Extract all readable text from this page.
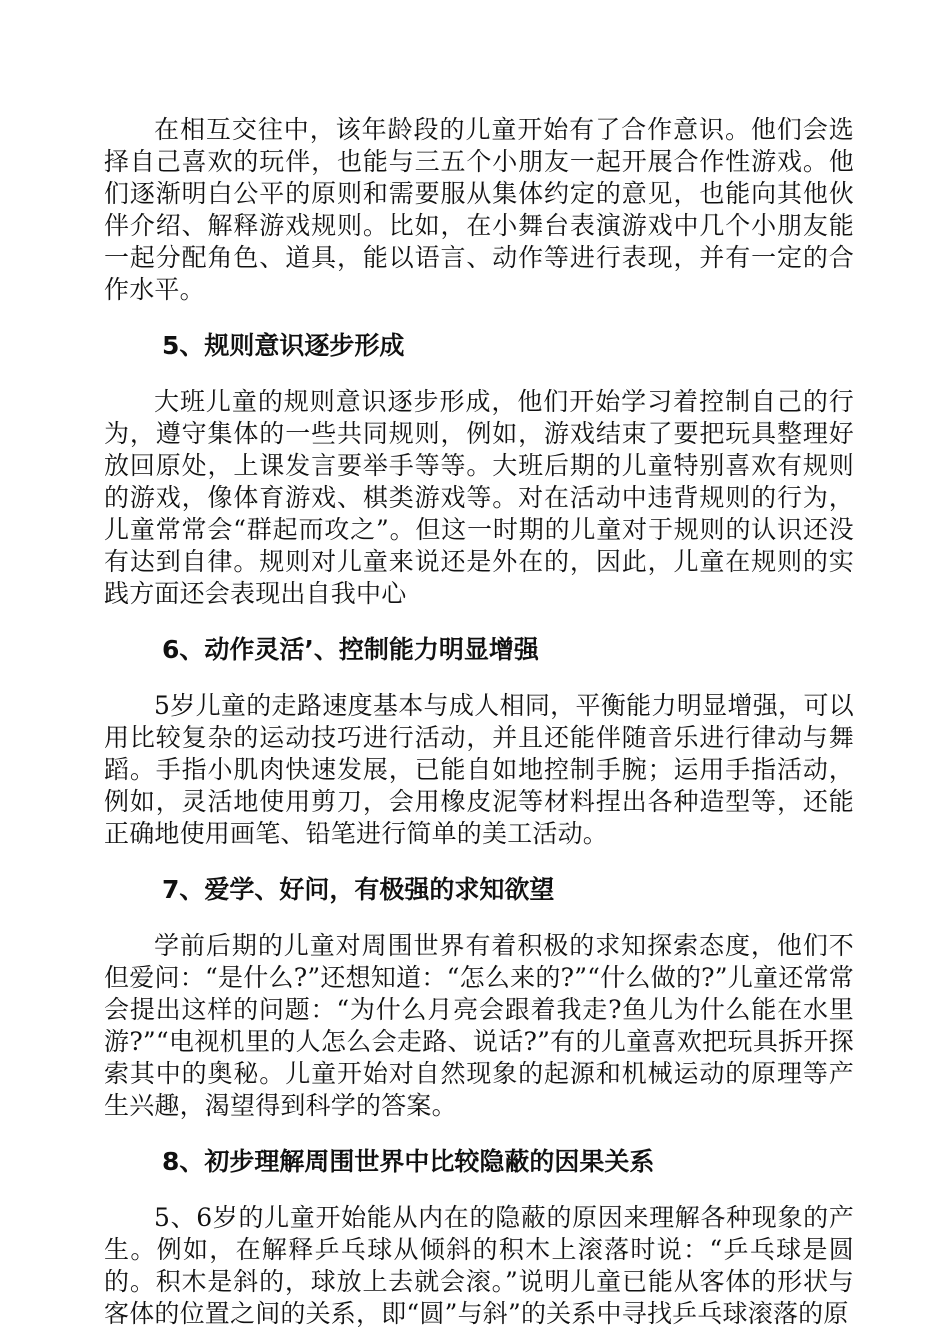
在相互交往中，该年龄段的儿童开始有了合作意识。他们会选择自己喜欢的玩伴，也能与三五个小朋友一起开展合作性游戏。他们逐渐明白公平的原则和需要服从集体约定的意见，也能向其他伙伴介绍、解释游戏规则。比如，在小舞台表演游戏中几个小朋友能一起分配角色、道具，能以语言、动作等进行表现，并有一定的合作水平。

5、规则意识逐步形成

大班儿童的规则意识逐步形成，他们开始学习着控制自己的行为，遵守集体的一些共同规则，例如，游戏结束了要把玩具整理好放回原处，上课发言要举手等等。大班后期的儿童特别喜欢有规则的游戏，像体育游戏、棋类游戏等。对在活动中违背规则的行为，儿童常常会“群起而攻之”。但这一时期的儿童对于规则的认识还没有达到自律。规则对儿童来说还是外在的，因此，儿童在规则的实践方面还会表现出自我中心

6、动作灵活’、控制能力明显增强

5岁儿童的走路速度基本与成人相同，平衡能力明显增强，可以用比较复杂的运动技巧进行活动，并且还能伴随音乐进行律动与舞蹈。手指小肌肉快速发展，已能自如地控制手腕；运用手指活动，例如，灵活地使用剪刀，会用橡皮泥等材料捏出各种造型等，还能正确地使用画笔、铅笔进行简单的美工活动。

7、爱学、好问，有极强的求知欲望

学前后期的儿童对周围世界有着积极的求知探索态度，他们不但爱问：“是什么?”还想知道：“怎么来的?”“什么做的?”儿童还常常会提出这样的问题：“为什么月亮会跟着我走?鱼儿为什么能在水里游?”“电视机里的人怎么会走路、说话?”有的儿童喜欢把玩具拆开探索其中的奥秘。儿童开始对自然现象的起源和机械运动的原理等产生兴趣，渴望得到科学的答案。

8、初步理解周围世界中比较隐蔽的因果关系

5、6岁的儿童开始能从内在的隐蔽的原因来理解各种现象的产生。例如，在解释乒乓球从倾斜的积木上滚落时说：“乒乓球是圆的。积木是斜的，球放上去就会滚。”说明儿童已能从客体的形状与客体的位置之间的关系，即“圆”与斜”的关系中寻找乒乓球滚落的原
